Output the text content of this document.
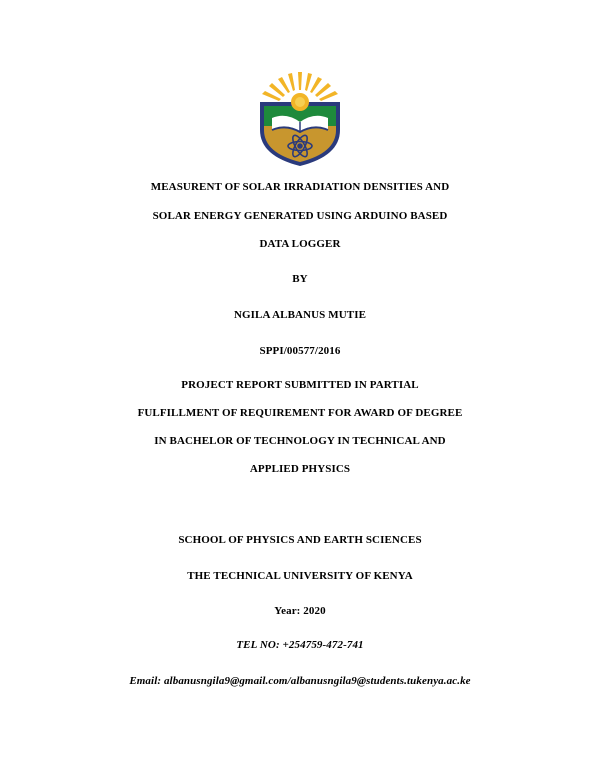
MEASURENT OF SOLAR IRRADIATION DENSITIES AND
SOLAR ENERGY GENERATED USING ARDUINO BASED
DATA LOGGER
BY
NGILA ALBANUS MUTIE
SPPI/00577/2016
PROJECT REPORT SUBMITTED IN PARTIAL
FULFILLMENT OF REQUIREMENT FOR AWARD OF DEGREE
IN BACHELOR OF TECHNOLOGY IN TECHNICAL AND
APPLIED PHYSICS
SCHOOL OF PHYSICS AND EARTH SCIENCES
THE TECHNICAL UNIVERSITY OF KENYA
Year: 2020
TEL NO: +254759-472-741
Email: albanusngila9@gmail.com/albanusngila9@students.tukenya.ac.ke
